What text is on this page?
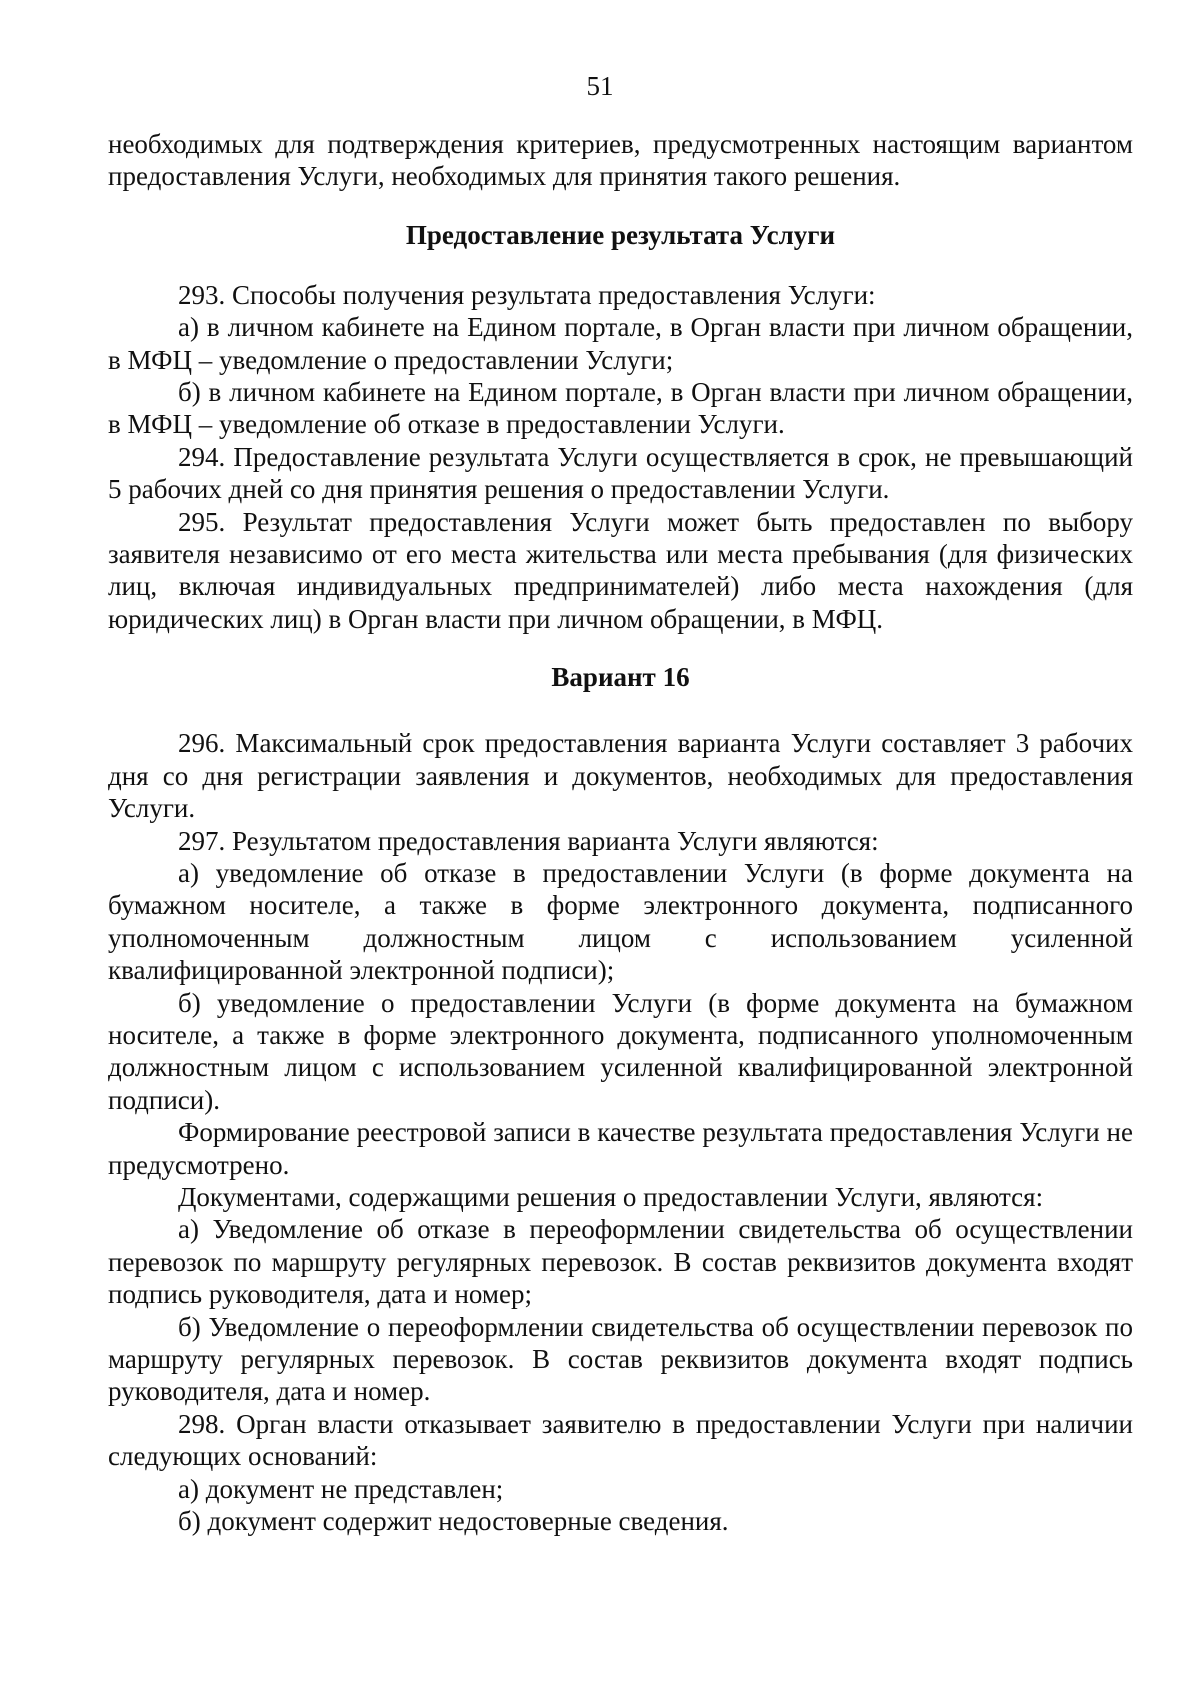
51

необходимых для подтверждения критериев, предусмотренных настоящим вариантом предоставления Услуги, необходимых для принятия такого решения.

Предоставление результата Услуги

293. Способы получения результата предоставления Услуги:

а) в личном кабинете на Едином портале, в Орган власти при личном обращении, в МФЦ – уведомление о предоставлении Услуги;

б) в личном кабинете на Едином портале, в Орган власти при личном обращении, в МФЦ – уведомление об отказе в предоставлении Услуги.

294. Предоставление результата Услуги осуществляется в срок, не превышающий 5 рабочих дней со дня принятия решения о предоставлении Услуги.

295. Результат предоставления Услуги может быть предоставлен по выбору заявителя независимо от его места жительства или места пребывания (для физических лиц, включая индивидуальных предпринимателей) либо места нахождения (для юридических лиц) в Орган власти при личном обращении, в МФЦ.

Вариант 16

296. Максимальный срок предоставления варианта Услуги составляет 3 рабочих дня со дня регистрации заявления и документов, необходимых для предоставления Услуги.

297. Результатом предоставления варианта Услуги являются:

а) уведомление об отказе в предоставлении Услуги (в форме документа на бумажном носителе, а также в форме электронного документа, подписанного уполномоченным должностным лицом с использованием усиленной квалифицированной электронной подписи);

б) уведомление о предоставлении Услуги (в форме документа на бумажном носителе, а также в форме электронного документа, подписанного уполномоченным должностным лицом с использованием усиленной квалифицированной электронной подписи).

Формирование реестровой записи в качестве результата предоставления Услуги не предусмотрено.

Документами, содержащими решения о предоставлении Услуги, являются:

а) Уведомление об отказе в переоформлении свидетельства об осуществлении перевозок по маршруту регулярных перевозок. В состав реквизитов документа входят подпись руководителя, дата и номер;

б) Уведомление о переоформлении свидетельства об осуществлении перевозок по маршруту регулярных перевозок. В состав реквизитов документа входят подпись руководителя, дата и номер.

298. Орган власти отказывает заявителю в предоставлении Услуги при наличии следующих оснований:

а) документ не представлен;

б) документ содержит недостоверные сведения.
